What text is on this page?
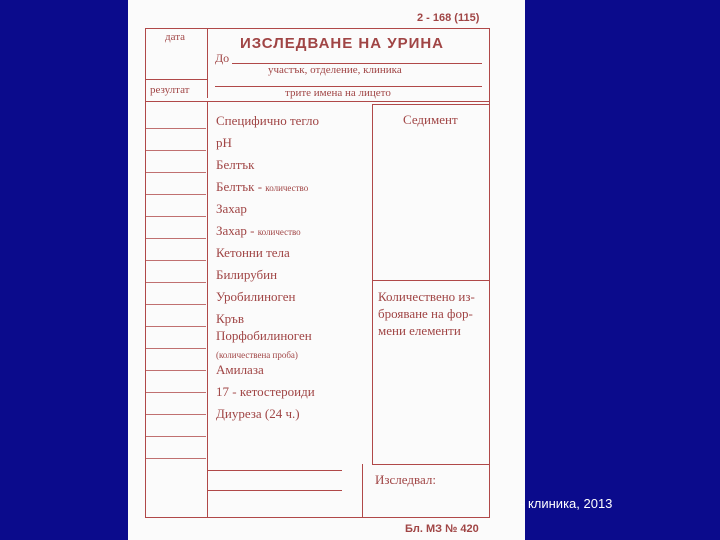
2 - 168 (115)
дата
резултат
ИЗСЛЕДВАНЕ НА УРИНА
До
участък, отделение, клиника
трите имена на лицето
Седимент
Количествено из-
брояване на фор-
мени елементи
Изследвал:
Специфично тегло
pH
Белтък
Белтък - количество
Захар
Захар - количество
Кетонни тела
Билирубин
Уробилиноген
Кръв
Порфобилиноген
(количествена проба)
Амилаза
17 - кетостероиди
Диуреза (24 ч.)
Бл. МЗ № 420
- клиника, 2013
